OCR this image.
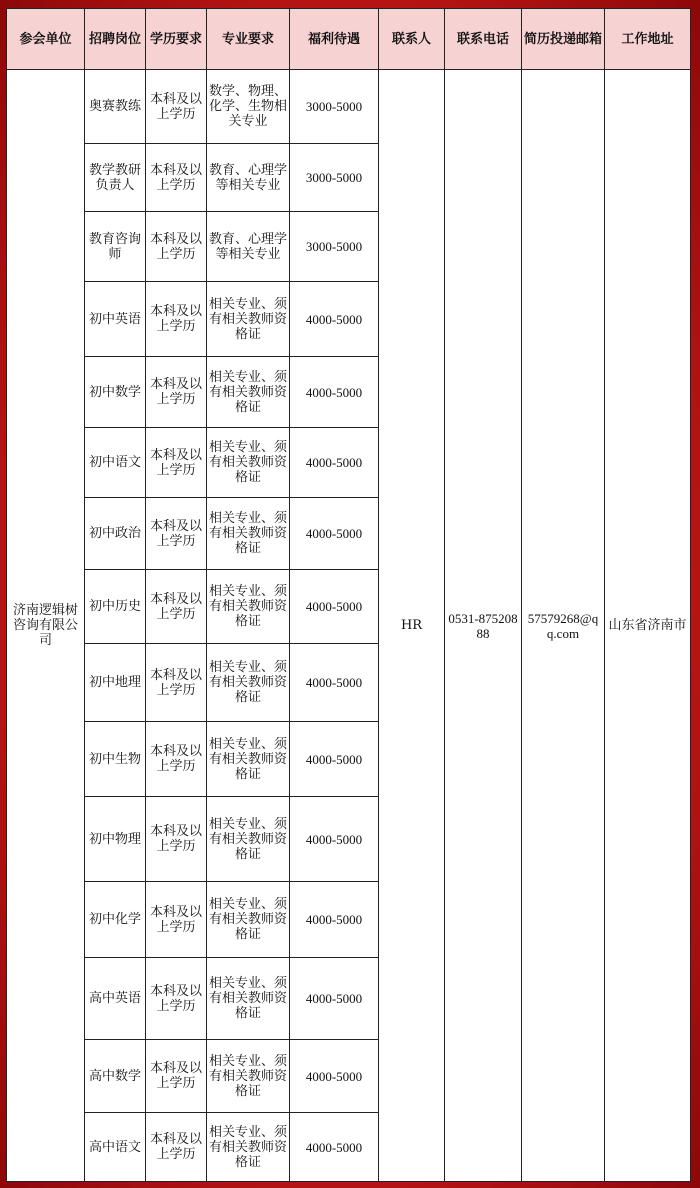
参会单位	招聘岗位	学历要求	专业要求	福利待遇	联系人	联系电话	简历投递邮箱	工作地址
济南逻辑树咨询有限公司	奥赛教练	本科及以上学历	数学、物理、化学、生物相关专业	3000-5000	HR	0531-87520888	57579268@qq.com	山东省济南市
	教学教研负责人	本科及以上学历	教育、心理学等相关专业	3000-5000				
	教育咨询师	本科及以上学历	教育、心理学等相关专业	3000-5000				
	初中英语	本科及以上学历	相关专业、须有相关教师资格证	4000-5000				
	初中数学	本科及以上学历	相关专业、须有相关教师资格证	4000-5000				
	初中语文	本科及以上学历	相关专业、须有相关教师资格证	4000-5000				
	初中政治	本科及以上学历	相关专业、须有相关教师资格证	4000-5000				
	初中历史	本科及以上学历	相关专业、须有相关教师资格证	4000-5000				
	初中地理	本科及以上学历	相关专业、须有相关教师资格证	4000-5000				
	初中生物	本科及以上学历	相关专业、须有相关教师资格证	4000-5000				
	初中物理	本科及以上学历	相关专业、须有相关教师资格证	4000-5000				
	初中化学	本科及以上学历	相关专业、须有相关教师资格证	4000-5000				
	高中英语	本科及以上学历	相关专业、须有相关教师资格证	4000-5000				
	高中数学	本科及以上学历	相关专业、须有相关教师资格证	4000-5000				
	高中语文	本科及以上学历	相关专业、须有相关教师资格证	4000-5000				
